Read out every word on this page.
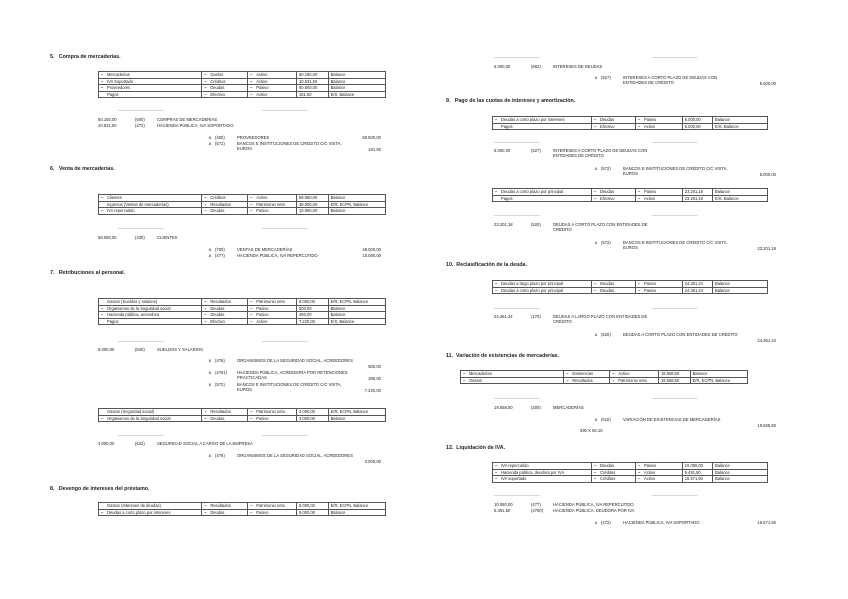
5.   Compra de mercaderías.
− Mercaderías	− Gastos	− Activo	50.150,00	Balance
− IVA Soportado	− Créditos	− Activo	10.531,50	Balance
− Proveedores	− Deudas	− Pasivo	60.500,00	Balance
Pagos	− Efectivo	− Activo	181,50	E/S, Balance
————————————	————————————
50.150,00	(600)	COMPRAS DE MERCADERÍAS
10.531,50	(472)	HACIENDA PÚBLICA, IVA SOPORTADO
a (400)	PROVEEDORES	60.500,00
a (572)	BANCOS E INSTITUCIONES DE CRÉDITO C/C VISTA, EUROS	181,50
6.   Venta de mercaderías.
− Clientes	− Créditos	− Activo	58.080,00	Balance
Ingresos (Ventas de mercaderías)	− Resultados	− Patrimonio neto	48.000,00	E/R, ECPN, Balance
− IVA repercutido	− Deudas	− Pasivo	10.080,00	Balance
————————————	————————————
58.080,00	(430)	CLIENTES
a (700)	VENTAS DE MERCADERÍAS	48.000,00
a (477)	HACIENDA PÚBLICA, IVA REPERCUTIDO	10.080,00
7.   Retribuciones al personal.
Gastos (Sueldos y salarios)	− Resultados	− Patrimonio neto	8.000,00	E/R, ECPN, Balance
− Organismos de la Seguridad social	− Deudas	− Pasivo	500,00	Balance
− Hacienda pública, acreedora	− Deudas	− Pasivo	280,00	Balance
Pagos	− Efectivo	− Activo	7.220,00	E/S, Balance
————————————	————————————
8.000,00	(640)	SUELDOS Y SALARIOS
a (476)	ORGANISMOS DE LA SEGURIDAD SOCIAL, ACREEDORES
500,00
a (4751) HACIENDA PÚBLICA, ACREEDORA POR RETENCIONES PRACTICADAS	280,00
a (572)	BANCOS E INSTITUCIONES DE CRÉDITO C/C VISTA, EUROS	7.220,00
Gastos (Seguridad social)	− Resultados	− Patrimonio neto	3.000,00	E/R, ECPN, Balance
− Organismos de la Seguridad social	− Deudas	− Pasivo	3.000,00	Balance
————————————	————————————
3.000,00	(642)	SEGURIDAD SOCIAL A CARGO DE LA EMPRESA
a (476)	ORGANISMOS DE LA SEGURIDAD SOCIAL, ACREEDORES
3.000,00
8.   Devengo de intereses del préstamo.
Gastos (Intereses de deudas)	− Resultados	− Patrimonio neto	5.000,00	E/R, ECPN, Balance
− Deudas a corto plazo por intereses	− Deudas	− Pasivo	5.000,00	Balance
————————————	————————————
5.000,00	(662)	INTERESES DE DEUDAS
a (527)	INTERESES A CORTO PLAZO DE DEUDAS CON ENTIDADES DE CRÉDITO	5.000,00
9.   Pago de las cuotas de intereses y amortización.
− Deudas a corto plazo por intereses	− Deudas	− Pasivo	5.000,00	Balance
Pagos	− Efectivo	− Activo	5.000,00	E/S, Balance
————————————	————————————
5.000,00	(527)	INTERESES A CORTO PLAZO DE DEUDAS CON ENTIDADES DE CRÉDITO
a (572)	BANCOS E INSTITUCIONES DE CRÉDITO C/C VISTA, EUROS	5.000,00
− Deudas a corto plazo por principal	− Deudas	− Pasivo	23.201,18	Balance
Pagos	− Efectivo	− Activo	23.201,18	E/S, Balance
————————————	————————————
23.201,18	(520)	DEUDAS A CORTO PLAZO CON ENTIDADES DE CRÉDITO
a (572)	BANCOS E INSTITUCIONES DE CRÉDITO C/C VISTA, EUROS	23.201,18
10.  Reclasificación de la deuda.
− Deudas a largo plazo por principal	− Deudas	− Pasivo	24.361,24	Balance
− Deudas a corto plazo por principal	− Deudas	− Pasivo	24.361,24	Balance
————————————	————————————
24.361,24	(170)	DEUDAS A LARGO PLAZO CON ENTIDADES DE CRÉDITO
a (520)	DEUDAS A CORTO PLAZO CON ENTIDADES DE CRÉDITO
24.361,24
11.  Variación de existencias de mercaderías.
− Mercaderías	− Existencias	− Activo	19.558,50	Balance
− Gastos	− Resultados	− Patrimonio neto	19.558,50	E/R, ECPN, Balance
————————————	————————————
19.558,50	(300)	MERCADERÍAS
a (610)	VARIACIÓN DE EXISTENCIAS DE MERCADERÍAS
19.558,50
390 X 50,15
12.  Liquidación de IVA.
− IVA repercutido	− Deudas	− Pasivo	10.080,00	Balance
− Hacienda pública, deudora por IVA	− Créditos	− Activo	5.491,50	Balance
− IVA soportado	− Créditos	− Activo	15.571,50	Balance
————————————	————————————
10.080,00	(477)	HACIENDA PÚBLICA, IVA REPERCUTIDO
5.491,50	(4700) HACIENDA PÚBLICA, DEUDORA POR IVA
a (472)	HACIENDA PÚBLICA, IVA SOPORTADO	15.571,50
